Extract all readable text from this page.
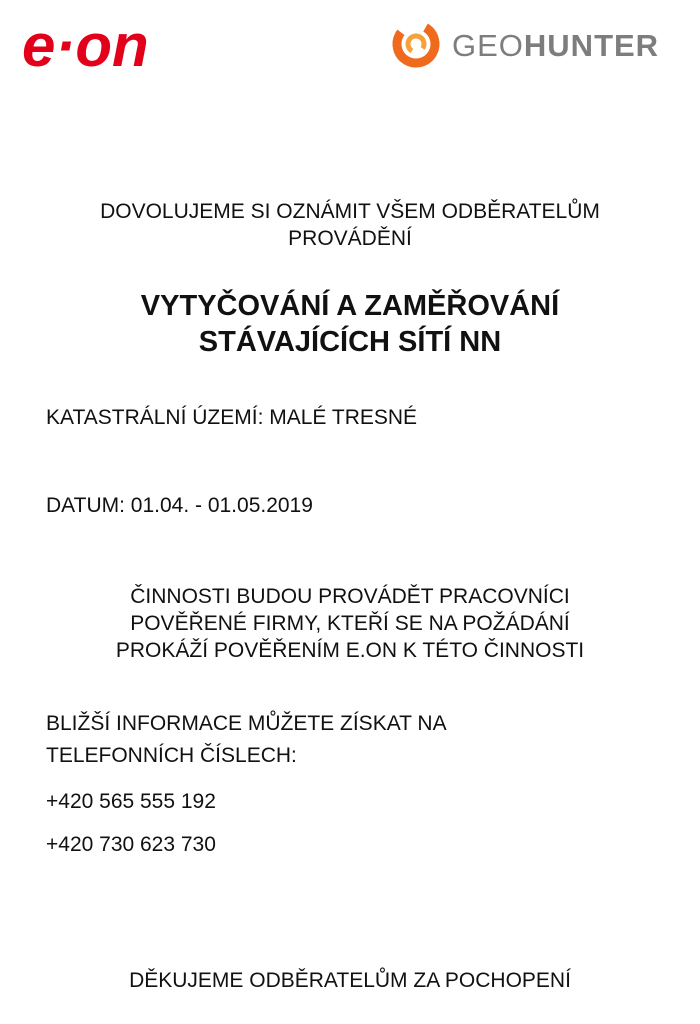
e·on	GEOHUNTER

DOVOLUJEME SI OZNÁMIT VŠEM ODBĚRATELŮM PROVÁDĚNÍ

VYTYČOVÁNÍ A ZAMĚŘOVÁNÍ
STÁVAJÍCÍCH SÍTÍ NN

KATASTRÁLNÍ ÚZEMÍ: MALÉ TRESNÉ

DATUM: 01.04. - 01.05.2019

ČINNOSTI BUDOU PROVÁDĚT PRACOVNÍCI
POVĚŘENÉ FIRMY, KTEŘÍ SE NA POŽÁDÁNÍ
PROKÁŽÍ POVĚŘENÍM E.ON K TÉTO ČINNOSTI

BLIŽŠÍ INFORMACE MŮŽETE ZÍSKAT NA
TELEFONNÍCH ČÍSLECH:

+420 565 555 192

+420 730 623 730

DĚKUJEME ODBĚRATELŮM ZA POCHOPENÍ
